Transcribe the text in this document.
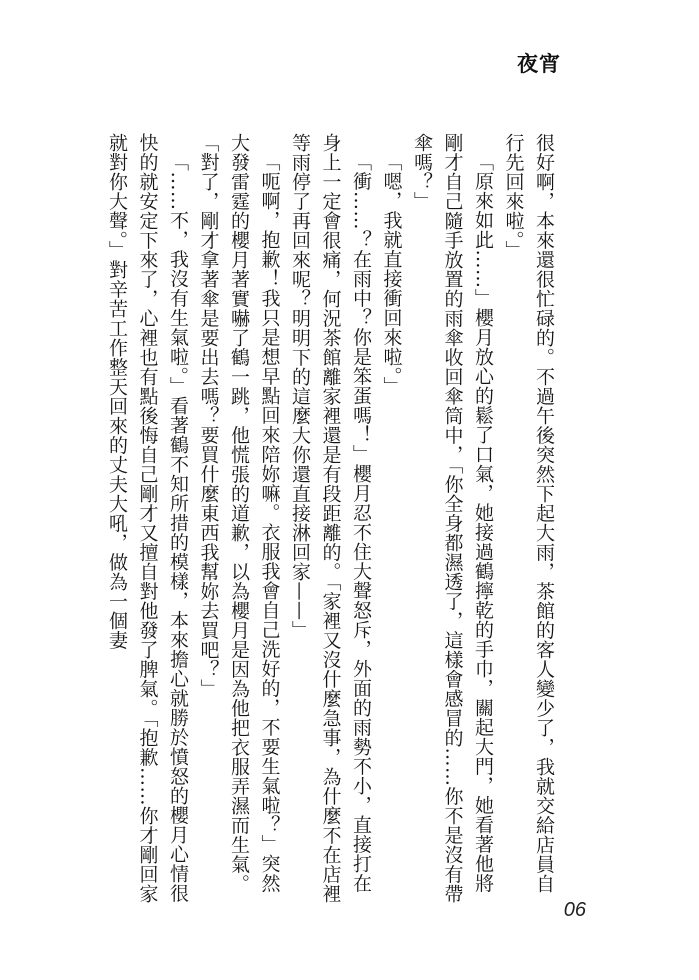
夜宵

很好啊，本來還很忙碌的。不過午後突然下起大雨，茶館的客人變少了，我就交給店員自行先回來啦。」

「原來如此……」櫻月放心的鬆了口氣，她接過鶴擰乾的手巾，關起大門，她看著他將剛才自己隨手放置的雨傘收回傘筒中，「你全身都濕透了，這樣會感冒的……你不是沒有帶傘嗎？」

「嗯，我就直接衝回來啦。」

「衝……？在雨中？你是笨蛋嗎！」櫻月忍不住大聲怒斥，外面的雨勢不小，直接打在身上一定會很痛，何況茶館離家裡還是有段距離的。「家裡又沒什麼急事，為什麼不在店裡等雨停了再回來呢？明明下的這麼大你還直接淋回家——」

「呃啊，抱歉！我只是想早點回來陪妳嘛。衣服我會自己洗好的，不要生氣啦？」突然大發雷霆的櫻月著實嚇了鶴一跳，他慌張的道歉，以為櫻月是因為他把衣服弄濕而生氣。「對了，剛才拿著傘是要出去嗎？要買什麼東西我幫妳去買吧？」

「……不，我沒有生氣啦。」看著鶴不知所措的模樣，本來擔心就勝於憤怒的櫻月心情很快的就安定下來了，心裡也有點後悔自己剛才又擅自對他發了脾氣。「抱歉……你才剛回家就對你大聲。」對辛苦工作整天回來的丈夫大吼，做為一個妻

06
